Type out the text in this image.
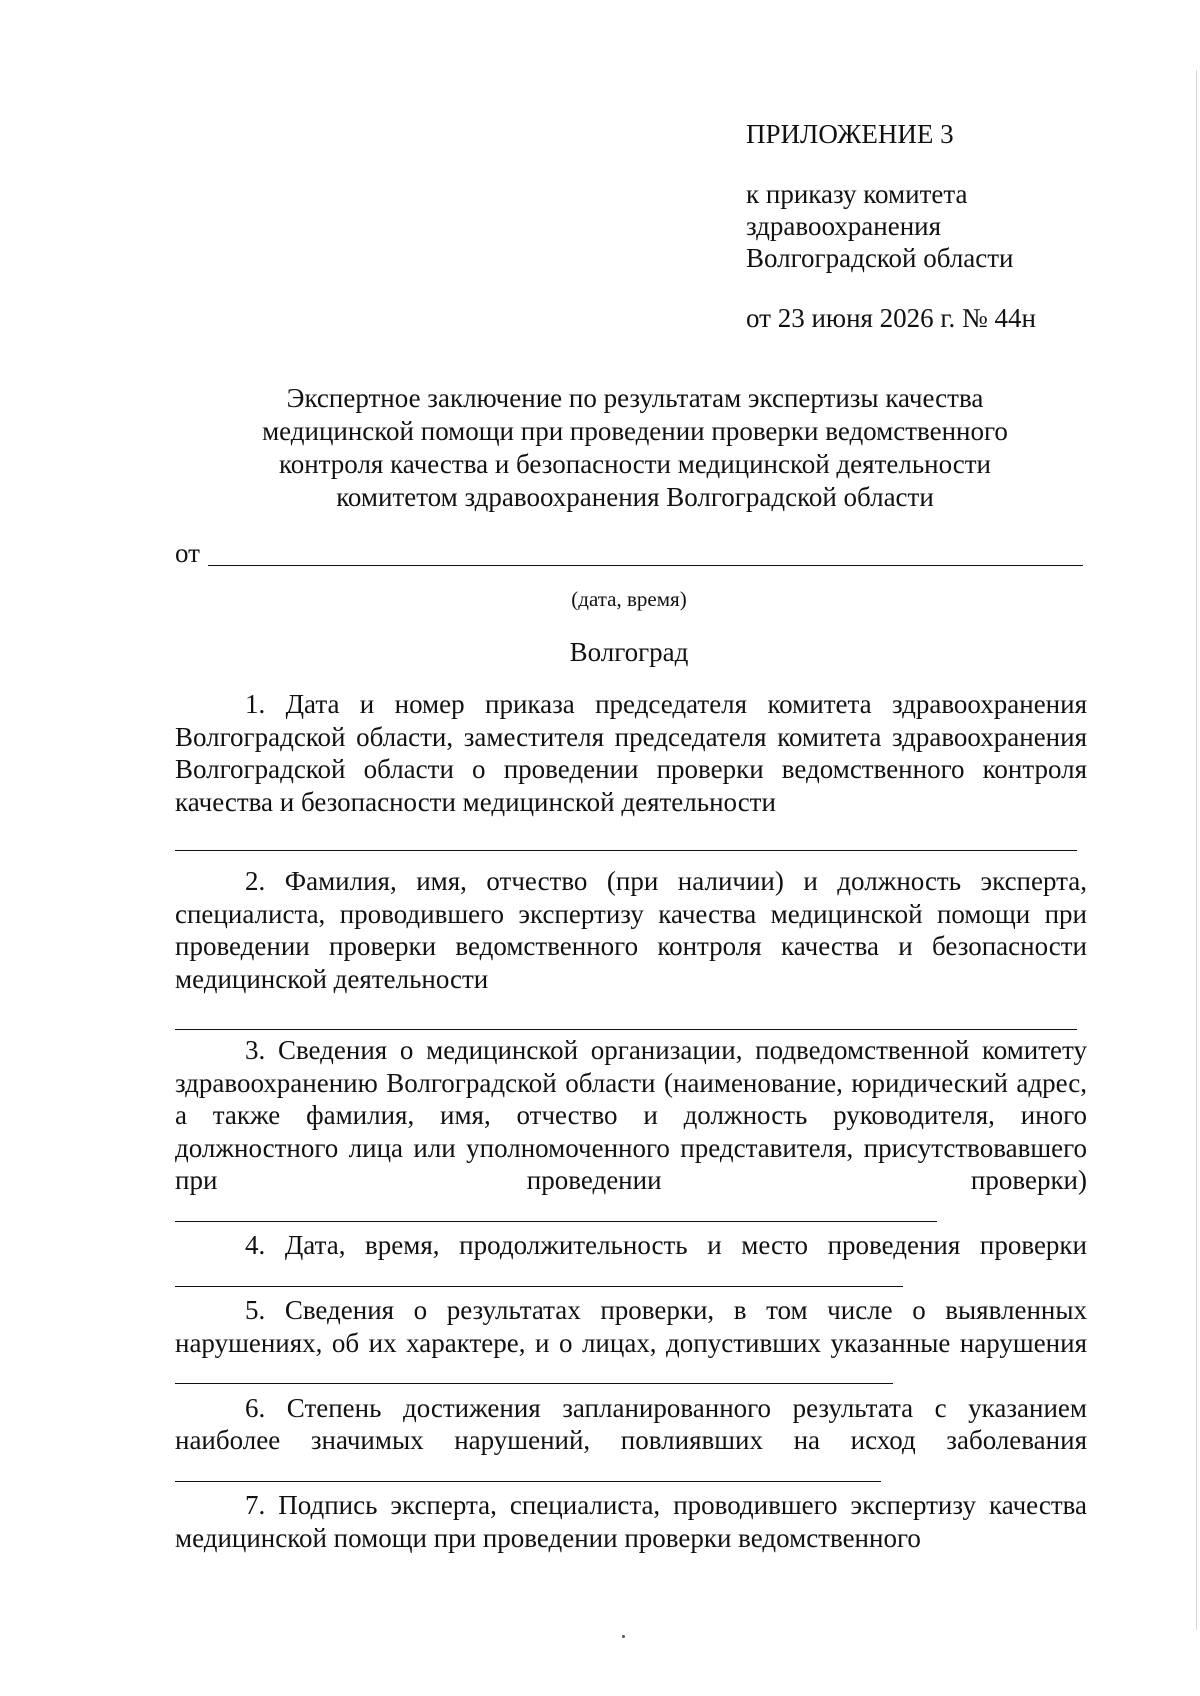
ПРИЛОЖЕНИЕ 3
к приказу комитета
здравоохранения
Волгоградской области
от 23 июня 2026 г. № 44н
Экспертное заключение по результатам экспертизы качества
медицинской помощи при проведении проверки ведомственного
контроля качества и безопасности медицинской деятельности
комитетом здравоохранения Волгоградской области
от
(дата, время)
Волгоград

1. Дата и номер приказа председателя комитета здравоохранения Волгоградской области, заместителя председателя комитета здравоохранения Волгоградской области о проведении проверки ведомственного контроля качества и безопасности медицинской деятельности

2. Фамилия, имя, отчество (при наличии) и должность эксперта, специалиста, проводившего экспертизу качества медицинской помощи при проведении проверки ведомственного контроля качества и безопасности медицинской деятельности

3. Сведения о медицинской организации, подведомственной комитету здравоохранению Волгоградской области (наименование, юридический адрес, а также фамилия, имя, отчество и должность руководителя, иного должностного лица или уполномоченного представителя, присутствовавшего при проведении проверки)

4. Дата, время, продолжительность и место проведения проверки

5. Сведения о результатах проверки, в том числе о выявленных нарушениях, об их характере, и о лицах, допустивших указанные нарушения

6. Степень достижения запланированного результата с указанием наиболее значимых нарушений, повлиявших на исход заболевания

7. Подпись эксперта, специалиста, проводившего экспертизу качества медицинской помощи при проведении проверки ведомственного
